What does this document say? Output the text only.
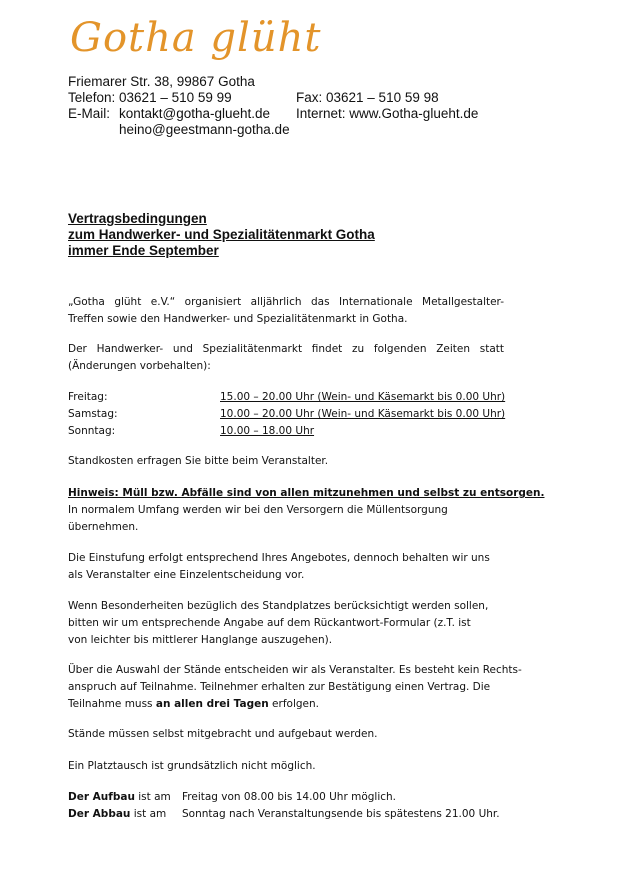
Gotha glüht
Friemarer Str. 38, 99867 Gotha
Telefon: 03621 – 510 59 99	Fax: 03621 – 510 59 98
E-Mail: kontakt@gotha-glueht.de Internet: www.Gotha-glueht.de
heino@geestmann-gotha.de
Vertragsbedingungen
zum Handwerker- und Spezialitätenmarkt Gotha
immer Ende September
„Gotha glüht e.V.“ organisiert alljährlich das Internationale Metallgestalter-
Treffen sowie den Handwerker- und Spezialitätenmarkt in Gotha.
Der Handwerker- und Spezialitätenmarkt findet zu folgenden Zeiten statt
(Änderungen vorbehalten):
Freitag:	15.00 – 20.00 Uhr (Wein- und Käsemarkt bis 0.00 Uhr)
Samstag:	10.00 – 20.00 Uhr (Wein- und Käsemarkt bis 0.00 Uhr)
Sonntag:	10.00 – 18.00 Uhr
Standkosten erfragen Sie bitte beim Veranstalter.
Hinweis: Müll bzw. Abfälle sind von allen mitzunehmen und selbst zu entsorgen.
In normalem Umfang werden wir bei den Versorgern die Müllentsorgung
übernehmen.
Die Einstufung erfolgt entsprechend Ihres Angebotes, dennoch behalten wir uns
als Veranstalter eine Einzelentscheidung vor.
Wenn Besonderheiten bezüglich des Standplatzes berücksichtigt werden sollen,
bitten wir um entsprechende Angabe auf dem Rückantwort-Formular (z.T. ist
von leichter bis mittlerer Hanglange auszugehen).
Über die Auswahl der Stände entscheiden wir als Veranstalter. Es besteht kein Rechts-
anspruch auf Teilnahme. Teilnehmer erhalten zur Bestätigung einen Vertrag. Die
Teilnahme muss an allen drei Tagen erfolgen.
Stände müssen selbst mitgebracht und aufgebaut werden.
Ein Platztausch ist grundsätzlich nicht möglich.
Der Aufbau ist am Freitag von 08.00 bis 14.00 Uhr möglich.
Der Abbau ist am Sonntag nach Veranstaltungsende bis spätestens 21.00 Uhr.
